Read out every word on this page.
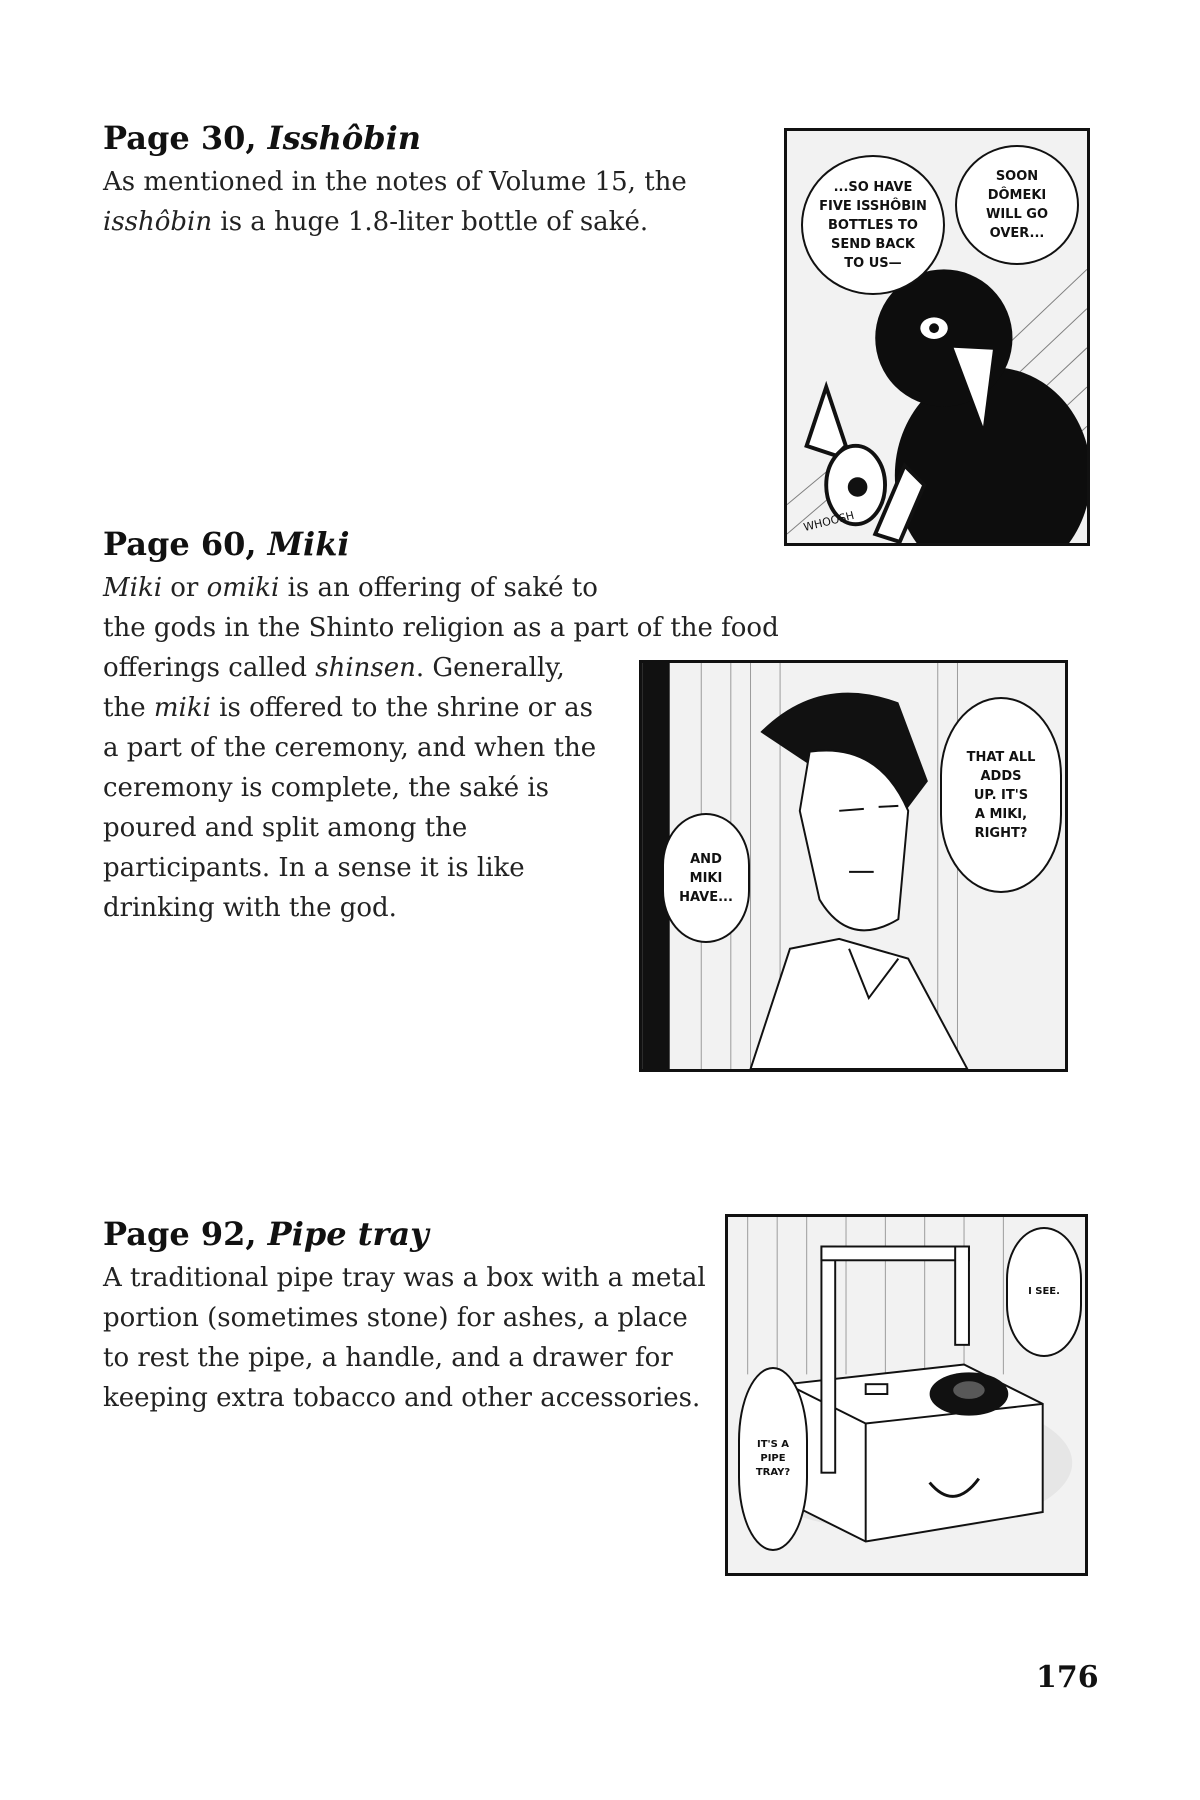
Page 30, Isshôbin
As mentioned in the notes of Volume 15, the
isshôbin is a huge 1.8-liter bottle of saké.
...SO HAVE
FIVE ISSHÔBIN
BOTTLES TO
SEND BACK
TO US—
SOON
DÔMEKI
WILL GO
OVER...
WHOOSH
Page 60, Miki
Miki or omiki is an offering of saké to
the gods in the Shinto religion as a part of the food
offerings called shinsen. Generally,
the miki is offered to the shrine or as
a part of the ceremony, and when the
ceremony is complete, the saké is
poured and split among the
participants. In a sense it is like
drinking with the god.
THAT ALL
ADDS
UP. IT'S
A MIKI,
RIGHT?
AND
MIKI
HAVE...
Page 92, Pipe tray
A traditional pipe tray was a box with a metal
portion (sometimes stone) for ashes, a place
to rest the pipe, a handle, and a drawer for
keeping extra tobacco and other accessories.
I SEE.
IT'S A
PIPE
TRAY?
176
